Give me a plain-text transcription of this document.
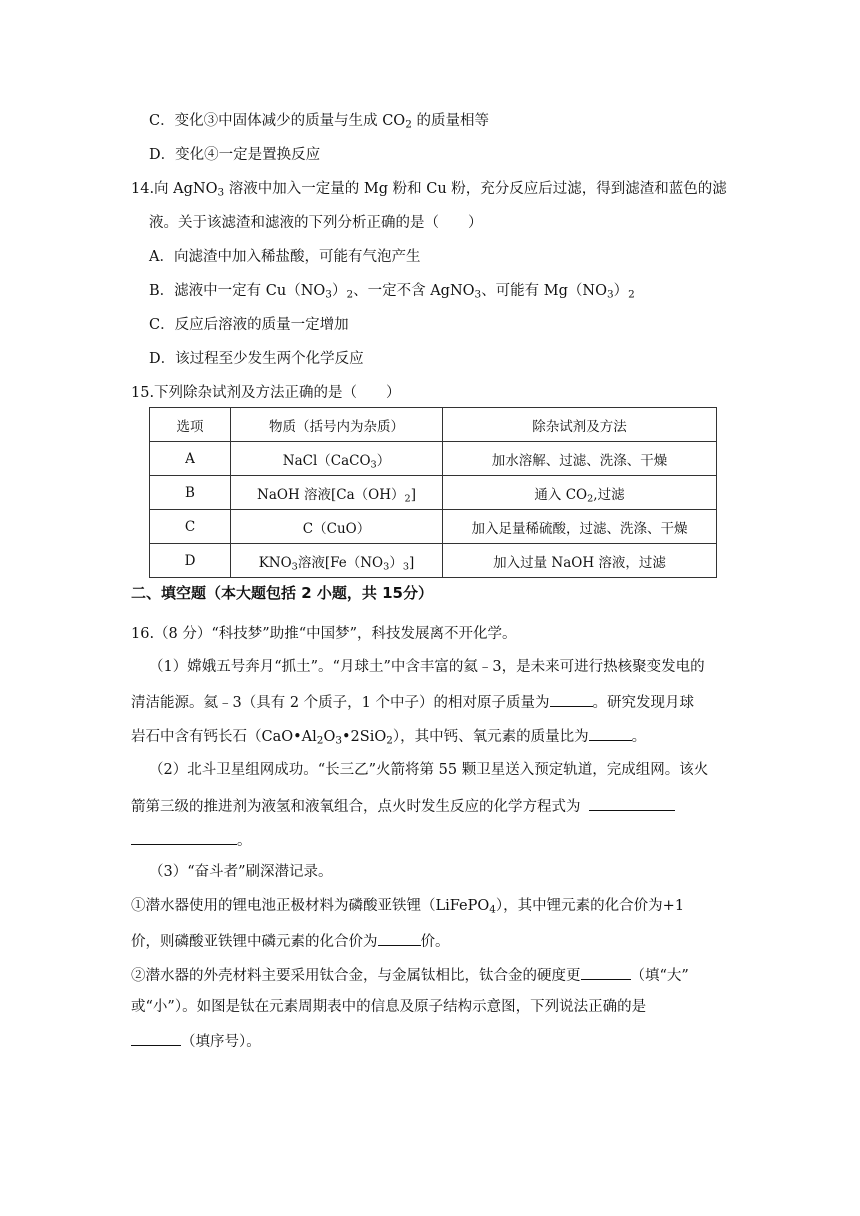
C．变化③中固体减少的质量与生成 $CO_2$ 的质量相等
D．变化④一定是置换反应
14.向 AgNO$_3$ 溶液中加入一定量的 Mg 粉和 Cu 粉，充分反应后过滤，得到滤渣和蓝色的滤
液。关于该滤渣和滤液的下列分析正确的是（　　）
A．向滤渣中加入稀盐酸，可能有气泡产生
B．滤液中一定有 $Cu(NO_3)_2$、一定不含 AgNO$_3$、可能有 $Mg(NO_3)_2$
C．反应后溶液的质量一定增加
D．该过程至少发生两个化学反应
15.下列除杂试剂及方法正确的是（　　）
选项	物质（括号内为杂质）	除杂试剂及方法
A	NaCl（CaCO$_3$）	加水溶解、过滤、洗涤、干燥
B	NaOH 溶液$[Ca(OH)_2]$	通入 $CO_2$,过滤
C	C（CuO）	加入足量稀硫酸，过滤、洗涤、干燥
D	$KNO_3$溶液$[Fe(NO_3)_3]$	加入过量 NaOH 溶液，过滤
二、填空题（本大题包括 2 小题，共 15分）
16.（8 分）“科技梦”助推“中国梦”，科技发展离不开化学。
（1）嫦娥五号奔月“抓土”。“月球土”中含丰富的氦﹣3，是未来可进行热核聚变发电的
清洁能源。氦﹣3（具有 2 个质子，1 个中子）的相对原子质量为	。研究发现月球
岩石中含有钙长石$(CaO•Al_2O_3•2SiO_2)$，其中钙、氧元素的质量比为	。
（2）北斗卫星组网成功。“长三乙”火箭将第 55 颗卫星送入预定轨道，完成组网。该火
箭第三级的推进剂为液氢和液氧组合，点火时发生反应的化学方程式为
。
（3）“奋斗者”刷深潜记录。
①潜水器使用的锂电池正极材料为磷酸亚铁锂（LiFePO$_4$），其中锂元素的化合价为+1
价，则磷酸亚铁锂中磷元素的化合价为	价。
②潜水器的外壳材料主要采用钛合金，与金属钛相比，钛合金的硬度更	（填“大”
或“小”）。如图是钛在元素周期表中的信息及原子结构示意图，下列说法正确的是
（填序号）。
